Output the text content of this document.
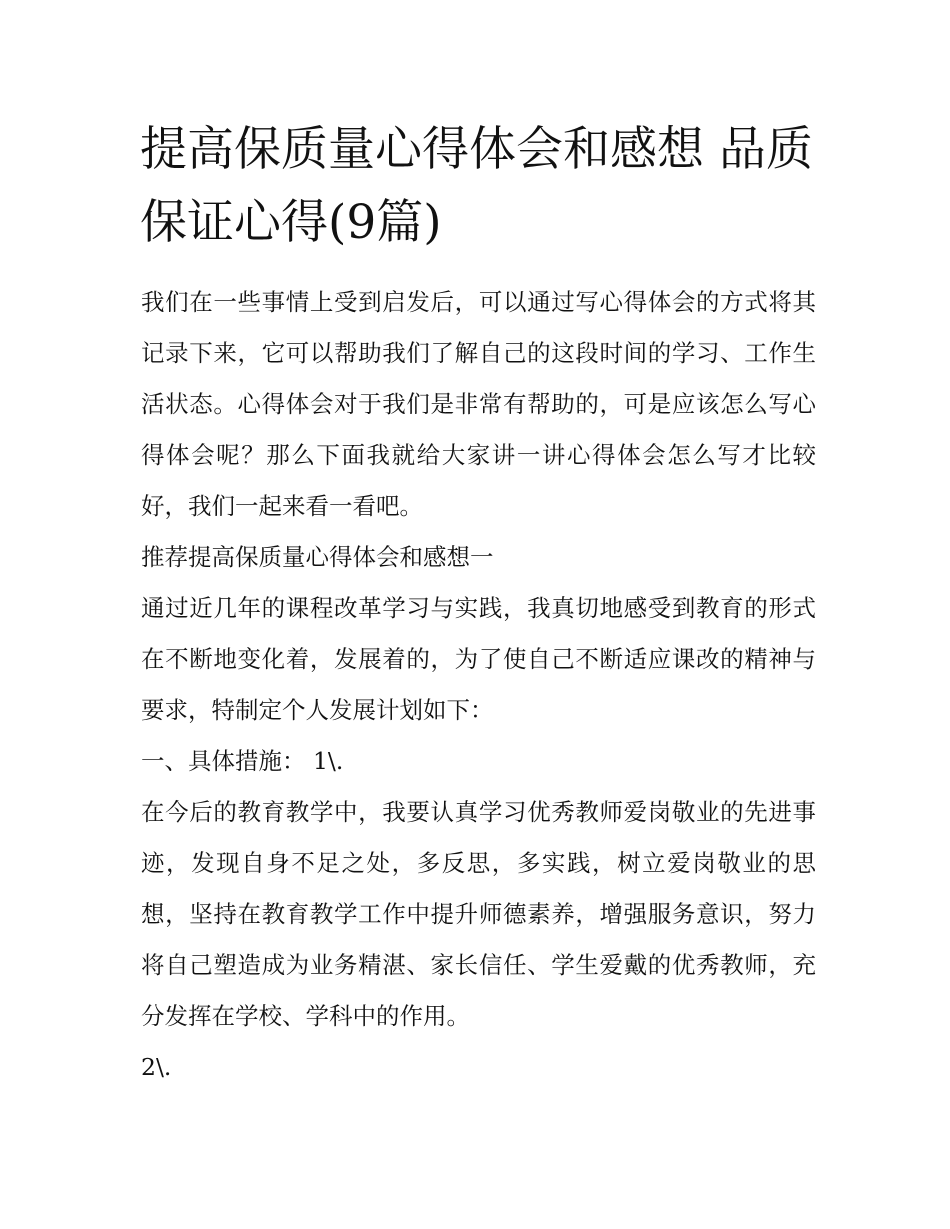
提高保质量心得体会和感想 品质保证心得(9篇)

我们在一些事情上受到启发后，可以通过写心得体会的方式将其记录下来，它可以帮助我们了解自己的这段时间的学习、工作生活状态。心得体会对于我们是非常有帮助的，可是应该怎么写心得体会呢？那么下面我就给大家讲一讲心得体会怎么写才比较好，我们一起来看一看吧。

推荐提高保质量心得体会和感想一

通过近几年的课程改革学习与实践，我真切地感受到教育的形式在不断地变化着，发展着的，为了使自己不断适应课改的精神与要求，特制定个人发展计划如下：

一、具体措施： 1\.

在今后的教育教学中，我要认真学习优秀教师爱岗敬业的先进事迹，发现自身不足之处，多反思，多实践，树立爱岗敬业的思想，坚持在教育教学工作中提升师德素养，增强服务意识，努力将自己塑造成为业务精湛、家长信任、学生爱戴的优秀教师，充分发挥在学校、学科中的作用。

2\.
